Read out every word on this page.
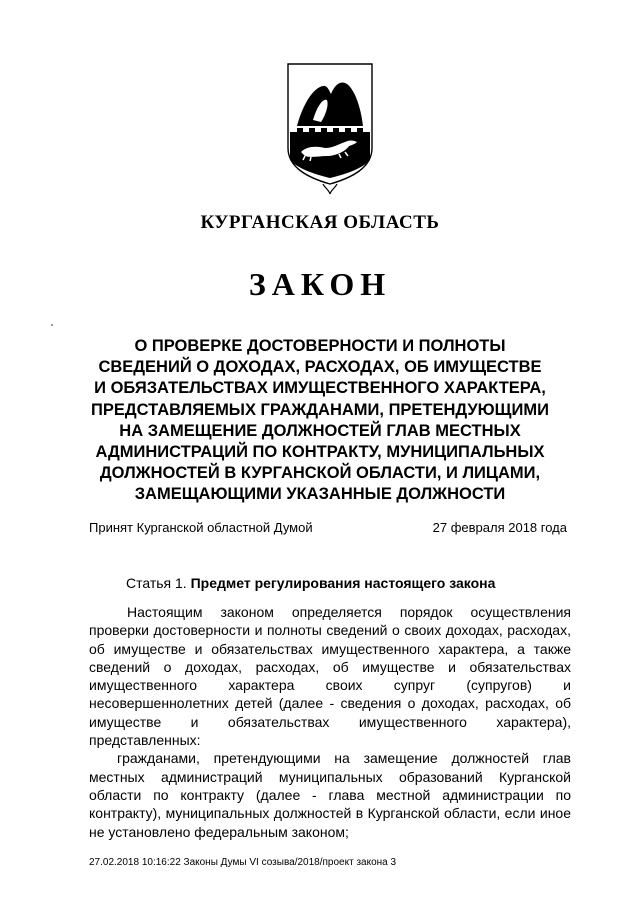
КУРГАНСКАЯ ОБЛАСТЬ
ЗАКОН
О ПРОВЕРКЕ ДОСТОВЕРНОСТИ И ПОЛНОТЫ
СВЕДЕНИЙ О ДОХОДАХ, РАСХОДАХ, ОБ ИМУЩЕСТВЕ
И ОБЯЗАТЕЛЬСТВАХ ИМУЩЕСТВЕННОГО ХАРАКТЕРА,
ПРЕДСТАВЛЯЕМЫХ ГРАЖДАНАМИ, ПРЕТЕНДУЮЩИМИ
НА ЗАМЕЩЕНИЕ ДОЛЖНОСТЕЙ ГЛАВ МЕСТНЫХ
АДМИНИСТРАЦИЙ ПО КОНТРАКТУ, МУНИЦИПАЛЬНЫХ
ДОЛЖНОСТЕЙ В КУРГАНСКОЙ ОБЛАСТИ, И ЛИЦАМИ,
ЗАМЕЩАЮЩИМИ УКАЗАННЫЕ ДОЛЖНОСТИ
Принят Курганской областной Думой	27 февраля 2018 года
Статья 1. Предмет регулирования настоящего закона

Настоящим законом определяется порядок осуществления проверки достоверности и полноты сведений о своих доходах, расходах, об имуществе и обязательствах имущественного характера, а также сведений о доходах, расходах, об имуществе и обязательствах имущественного характера своих супруг (супругов) и несовершеннолетних детей (далее - сведения о доходах, расходах, об имуществе и обязательствах имущественного характера), представленных:

гражданами, претендующими на замещение должностей глав местных администраций муниципальных образований Курганской области по контракту (далее - глава местной администрации по контракту), муниципальных должностей в Курганской области, если иное не установлено федеральным законом;

27.02.2018 10:16:22 Законы Думы VI созыва/2018/проект закона 3
